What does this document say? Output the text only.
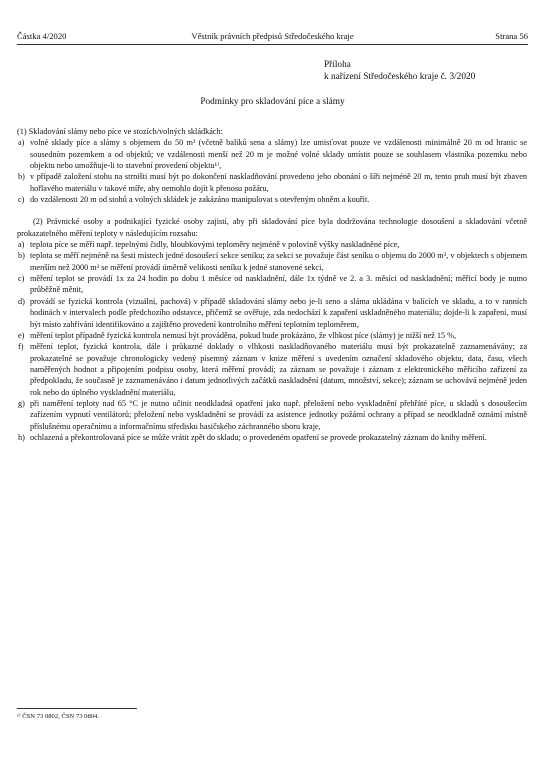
Částka 4/2020	Věstník právních předpisů Středočeského kraje	Strana 56
Příloha
k nařízení Středočeského kraje č. 3/2020
Podmínky pro skladování píce a slámy
(1) Skladování slámy nebo píce ve stozích/volných skládkách:
a) volné sklady píce a slámy s objemem do 50 m³ (včetně balíků sena a slámy) lze umisťovat pouze ve vzdálenosti minimálně 20 m od hranic se sousedním pozemkem a od objektů; ve vzdálenosti menší než 20 m je možné volné sklady umístit pouze se souhlasem vlastníka pozemku nebo objektu nebo umožňuje-li to stavební provedení objektu¹⁾,
b) v případě založení stohu na strništi musí být po dokončení naskladňování provedeno jeho obonání o šíři nejméně 20 m, tento pruh musí být zbaven hořlavého materiálu v takové míře, aby nemohlo dojít k přenosu požáru,
c) do vzdálenosti 20 m od stohů a volných skládek je zakázáno manipulovat s otevřeným ohněm a kouřit.
(2) Právnické osoby a podnikající fyzické osoby zajistí, aby při skladování píce byla dodržována technologie dosoušení a skladování včetně prokazatelného měření teploty v následujícím rozsahu:
a) teplota píce se měří např. tepelnými čidly, hloubkovými teploměry nejméně v polovině výšky naskladněné píce,
b) teplota se měří nejméně na šesti místech jedné dosoušecí sekce seníku; za sekci se považuje část seníku o objemu do 2000 m³, v objektech s objemem menším než 2000 m³ se měření provádí úměrně velikosti seníku k jedné stanovené sekci,
c) měření teplot se provádí 1x za 24 hodin po dobu 1 měsíce od naskladnění, dále 1x týdně ve 2. a 3. měsíci od naskladnění; měřicí body je nutno průběžně měnit,
d) provádí se fyzická kontrola (vizuální, pachová) v případě skladování slámy nebo je-li seno a sláma ukládána v balících ve skladu, a to v ranních hodinách v intervalech podle předchozího odstavce, přičemž se ověřuje, zda nedochází k zapaření uskladněného materiálu; dojde-li k zapaření, musí být místo zahřívání identifikováno a zajištěno provedení kontrolního měření teplotním teploměrem,
e) měření teplot případně fyzická kontrola nemusí být prováděna, pokud bude prokázáno, že vlhkost píce (slámy) je nižší než 15 %,
f) měření teplot, fyzická kontrola, dále i průkazné doklady o vlhkosti naskladňovaného materiálu musí být prokazatelně zaznamenávány; za prokazatelné se považuje chronologicky vedený písemný záznam v knize měření s uvedením označení skladového objektu, data, času, všech naměřených hodnot a připojením podpisu osoby, která měření provádí; za záznam se považuje i záznam z elektronického měřicího zařízení za předpokladu, že současně je zaznamenáváno i datum jednotlivých začátků naskladnění (datum, množství, sekce); záznam se uchovává nejméně jeden rok nebo do úplného vyskladnění materiálu,
g) při naměření teploty nad 65 °C je nutno učinit neodkladná opatření jako např. přeložení nebo vyskladnění přehřáté píce, u skladů s dosoušecím zařízením vypnutí ventilátorů; přeložení nebo vyskladnění se provádí za asistence jednotky požární ochrany a případ se neodkladně oznámí místně příslušnému operačnímu a informačnímu středisku hasičského záchranného sboru kraje,
h) ochlazená a překontrolovaná píce se může vrátit zpět do skladu; o provedeném opatření se provede prokazatelný záznam do knihy měření.
¹⁾ ČSN 73 0802, ČSN 73 0804.
